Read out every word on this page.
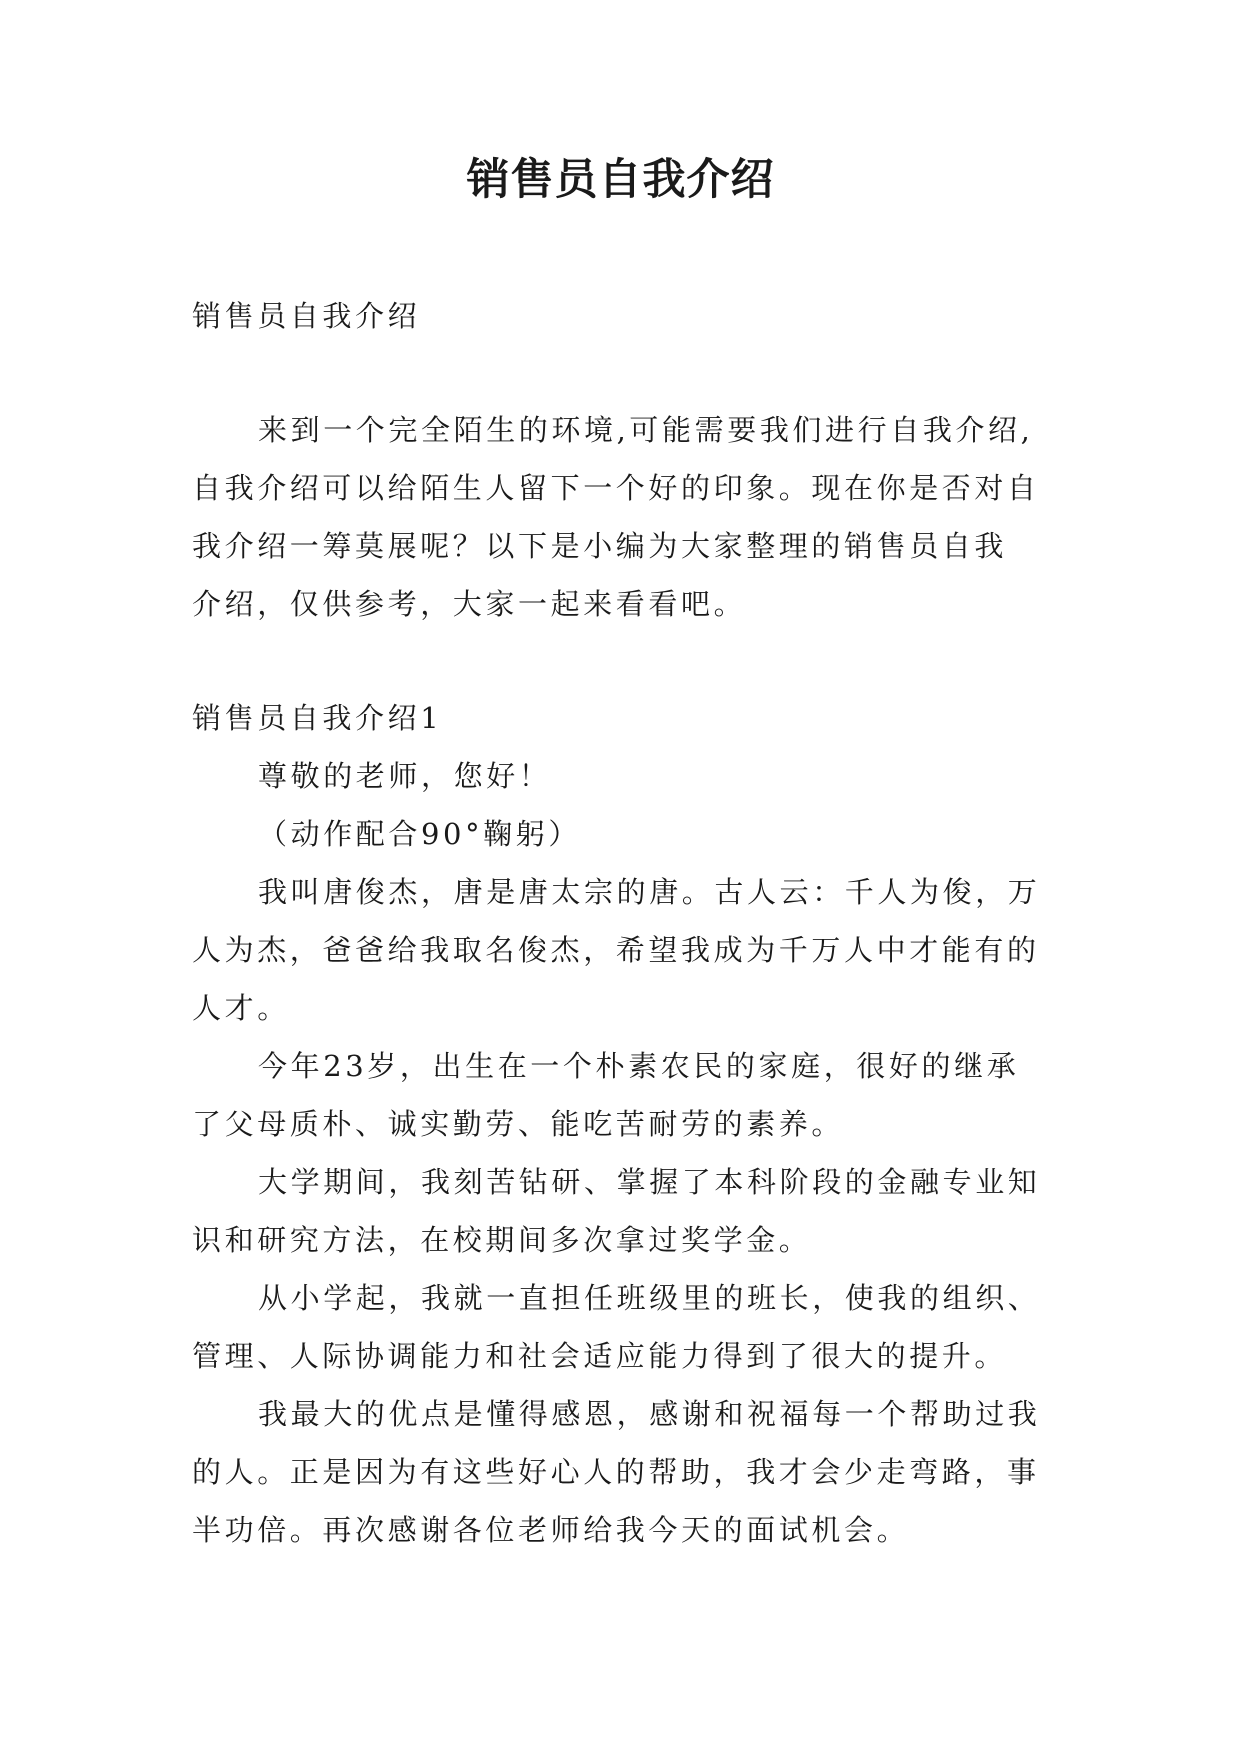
销售员自我介绍

销售员自我介绍

来到一个完全陌生的环境,可能需要我们进行自我介绍,

自我介绍可以给陌生人留下一个好的印象。现在你是否对自

我介绍一筹莫展呢？以下是小编为大家整理的销售员自我

介绍，仅供参考，大家一起来看看吧。

销售员自我介绍1

尊敬的老师，您好！

（动作配合90°鞠躬）

我叫唐俊杰，唐是唐太宗的唐。古人云：千人为俊，万

人为杰，爸爸给我取名俊杰，希望我成为千万人中才能有的

人才。

今年23岁，出生在一个朴素农民的家庭，很好的继承

了父母质朴、诚实勤劳、能吃苦耐劳的素养。

大学期间，我刻苦钻研、掌握了本科阶段的金融专业知

识和研究方法，在校期间多次拿过奖学金。

从小学起，我就一直担任班级里的班长，使我的组织、

管理、人际协调能力和社会适应能力得到了很大的提升。

我最大的优点是懂得感恩，感谢和祝福每一个帮助过我

的人。正是因为有这些好心人的帮助，我才会少走弯路，事

半功倍。再次感谢各位老师给我今天的面试机会。
